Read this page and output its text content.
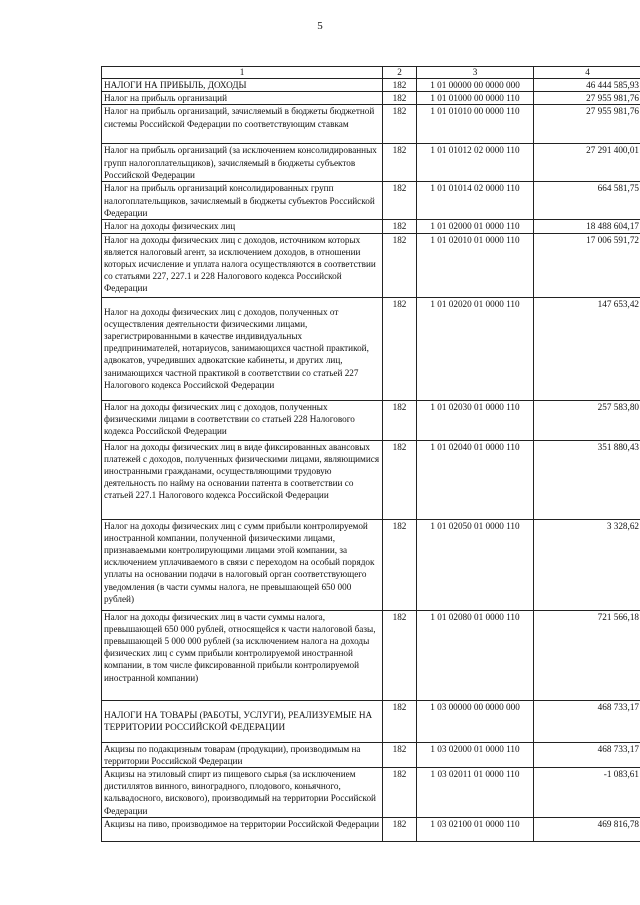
5
1	2	3	4
НАЛОГИ НА ПРИБЫЛЬ, ДОХОДЫ	182	1 01 00000 00 0000 000	46 444 585,93
Налог на прибыль организаций	182	1 01 01000 00 0000 110	27 955 981,76
Налог на прибыль организаций, зачисляемый в бюджеты бюджетной системы Российской Федерации по соответствующим ставкам	182	1 01 01010 00 0000 110	27 955 981,76
Налог на прибыль организаций (за исключением консолидированных групп налогоплательщиков), зачисляемый в бюджеты субъектов Российской Федерации	182	1 01 01012 02 0000 110	27 291 400,01
Налог на прибыль организаций консолидированных групп налогоплательщиков, зачисляемый в бюджеты субъектов Российской Федерации	182	1 01 01014 02 0000 110	664 581,75
Налог на доходы физических лиц	182	1 01 02000 01 0000 110	18 488 604,17
Налог на доходы физических лиц с доходов, источником которых является налоговый агент, за исключением доходов, в отношении которых исчисление и уплата налога осуществляются в соответствии со статьями 227, 227.1 и 228 Налогового кодекса Российской Федерации	182	1 01 02010 01 0000 110	17 006 591,72
Налог на доходы физических лиц с доходов, полученных от осуществления деятельности физическими лицами, зарегистрированными в качестве индивидуальных предпринимателей, нотариусов, занимающихся частной практикой, адвокатов, учредивших адвокатские кабинеты, и других лиц, занимающихся частной практикой в соответствии со статьей 227 Налогового кодекса Российской Федерации	182	1 01 02020 01 0000 110	147 653,42
Налог на доходы физических лиц с доходов, полученных физическими лицами в соответствии со статьей 228 Налогового кодекса Российской Федерации	182	1 01 02030 01 0000 110	257 583,80
Налог на доходы физических лиц в виде фиксированных авансовых платежей с доходов, полученных физическими лицами, являющимися иностранными гражданами, осуществляющими трудовую деятельность по найму на основании патента в соответствии со статьей 227.1 Налогового кодекса Российской Федерации	182	1 01 02040 01 0000 110	351 880,43
Налог на доходы физических лиц с сумм прибыли контролируемой иностранной компании, полученной физическими лицами, признаваемыми контролирующими лицами этой компании, за исключением уплачиваемого в связи с переходом на особый порядок уплаты на основании подачи в налоговый орган соответствующего уведомления (в части суммы налога, не превышающей 650 000 рублей)	182	1 01 02050 01 0000 110	3 328,62
Налог на доходы физических лиц в части суммы налога, превышающей 650 000 рублей, относящейся к части налоговой базы, превышающей 5 000 000 рублей (за исключением налога на доходы физических лиц с сумм прибыли контролируемой иностранной компании, в том числе фиксированной прибыли контролируемой иностранной компании)	182	1 01 02080 01 0000 110	721 566,18
НАЛОГИ НА ТОВАРЫ (РАБОТЫ, УСЛУГИ), РЕАЛИЗУЕМЫЕ НА ТЕРРИТОРИИ РОССИЙСКОЙ ФЕДЕРАЦИИ	182	1 03 00000 00 0000 000	468 733,17
Акцизы по подакцизным товарам (продукции), производимым на территории Российской Федерации	182	1 03 02000 01 0000 110	468 733,17
Акцизы на этиловый спирт из пищевого сырья (за исключением дистиллятов винного, виноградного, плодового, коньячного, кальвадосного, вискового), производимый на территории Российской Федерации	182	1 03 02011 01 0000 110	-1 083,61
Акцизы на пиво, производимое на территории Российской Федерации	182	1 03 02100 01 0000 110	469 816,78
